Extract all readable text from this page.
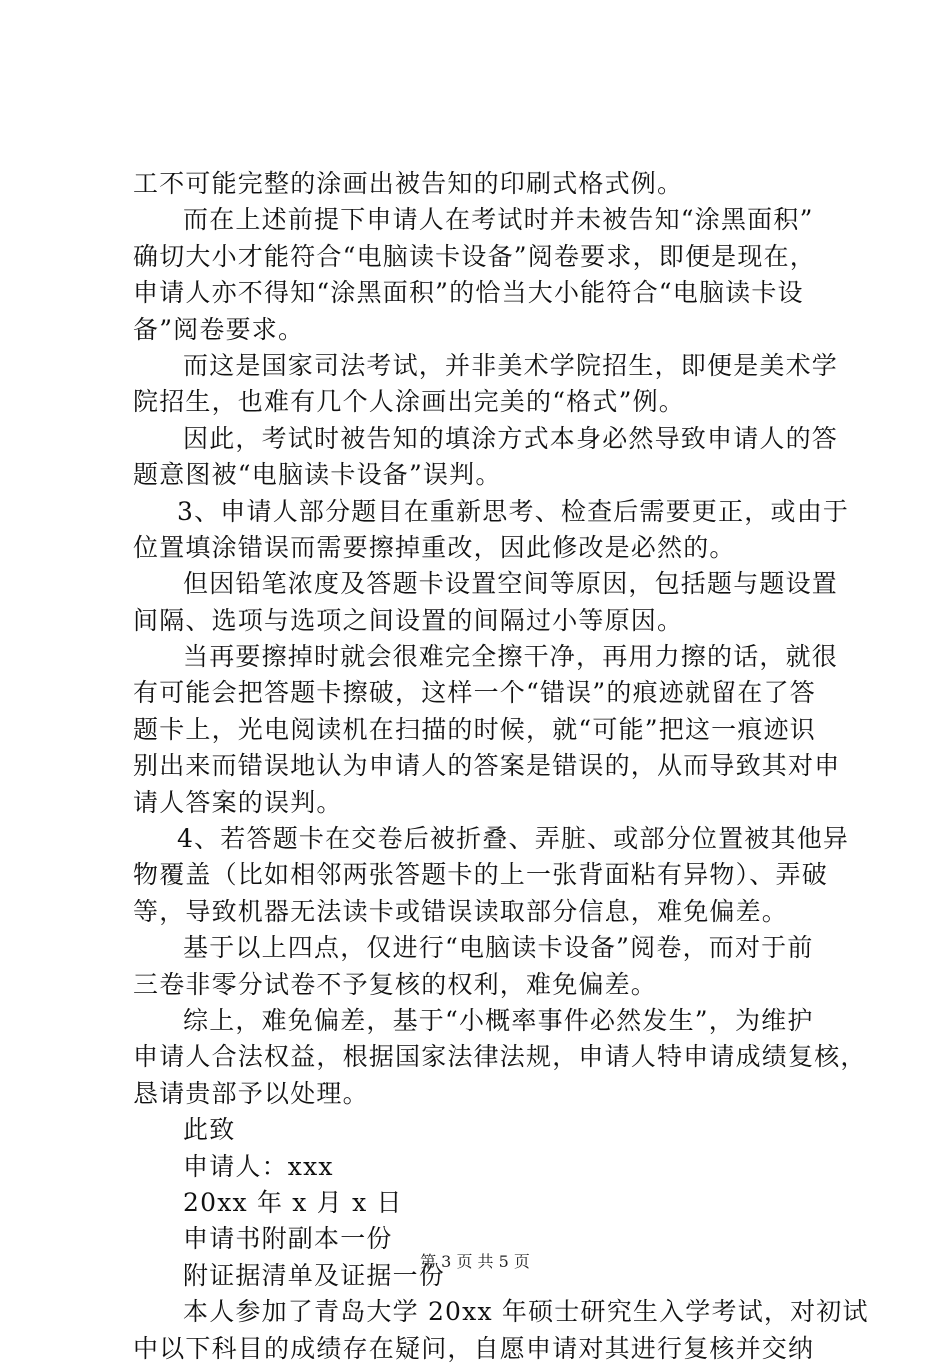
工不可能完整的涂画出被告知的印刷式格式例。
而在上述前提下申请人在考试时并未被告知“涂黑面积”
确切大小才能符合“电脑读卡设备”阅卷要求，即便是现在，
申请人亦不得知“涂黑面积”的恰当大小能符合“电脑读卡设
备”阅卷要求。
而这是国家司法考试，并非美术学院招生，即便是美术学
院招生，也难有几个人涂画出完美的“格式”例。
因此，考试时被告知的填涂方式本身必然导致申请人的答
题意图被“电脑读卡设备”误判。
3、申请人部分题目在重新思考、检查后需要更正，或由于
位置填涂错误而需要擦掉重改，因此修改是必然的。
但因铅笔浓度及答题卡设置空间等原因，包括题与题设置
间隔、选项与选项之间设置的间隔过小等原因。
当再要擦掉时就会很难完全擦干净，再用力擦的话，就很
有可能会把答题卡擦破，这样一个“错误”的痕迹就留在了答
题卡上，光电阅读机在扫描的时候，就“可能”把这一痕迹识
别出来而错误地认为申请人的答案是错误的，从而导致其对申
请人答案的误判。
4、若答题卡在交卷后被折叠、弄脏、或部分位置被其他异
物覆盖（比如相邻两张答题卡的上一张背面粘有异物）、弄破
等，导致机器无法读卡或错误读取部分信息，难免偏差。
基于以上四点，仅进行“电脑读卡设备”阅卷，而对于前
三卷非零分试卷不予复核的权利，难免偏差。
综上，难免偏差，基于“小概率事件必然发生”，为维护
申请人合法权益，根据国家法律法规，申请人特申请成绩复核，
恳请贵部予以处理。
此致
申请人：xxx
20xx 年 x 月 x 日
申请书附副本一份
附证据清单及证据一份
本人参加了青岛大学 20xx 年硕士研究生入学考试，对初试
中以下科目的成绩存在疑问，自愿申请对其进行复核并交纳
第 3 页 共 5 页
